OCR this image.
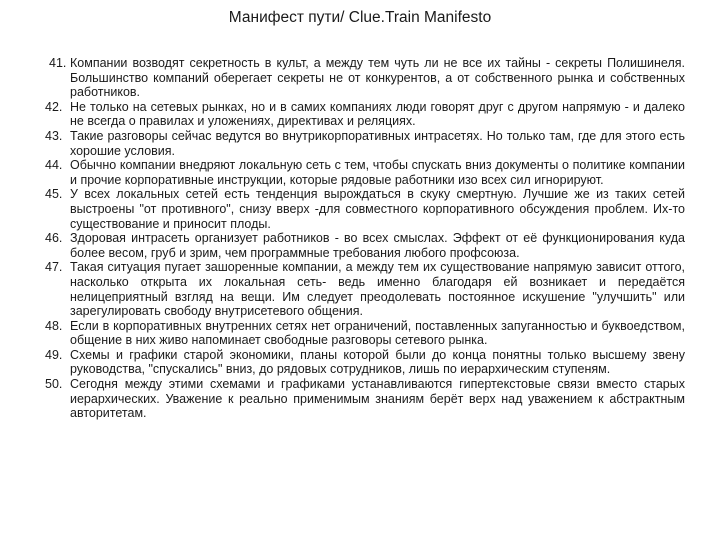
Манифест пути/ Clue.Train Manifesto
41. Компании возводят секретность в культ, а между тем чуть ли не все их тайны - секреты Полишинеля. Большинство компаний оберегает секреты не от конкурентов, а от собственного рынка и собственных работников.
42. Не только на сетевых рынках, но и в самих компаниях люди говорят друг с другом напрямую - и далеко не всегда о правилах и уложениях, директивах и реляциях.
43. Такие разговоры сейчас ведутся во внутрикорпоративных интрасетях. Но только там, где для этого есть хорошие условия.
44. Обычно компании внедряют локальную сеть с тем, чтобы спускать вниз документы о политике компании и прочие корпоративные инструкции, которые рядовые работники изо всех сил игнорируют.
45. У всех локальных сетей есть тенденция вырождаться в скуку смертную. Лучшие же из таких сетей выстроены "от противного", снизу вверх -для совместного корпоративного обсуждения проблем. Их-то существование и приносит плоды.
46. Здоровая интрасеть организует работников - во всех смыслах. Эффект от её функционирования куда более весом, груб и зрим, чем программные требования любого профсоюза.
47. Такая ситуация пугает зашоренные компании, а между тем их существование напрямую зависит оттого, насколько открыта их локальная сеть- ведь именно благодаря ей возникает и передаётся нелицеприятный взгляд на вещи. Им следует преодолевать постоянное искушение "улучшить" или зарегулировать свободу внутрисетевого общения.
48. Если в корпоративных внутренних сетях нет ограничений, поставленных запуганностью и буквоедством, общение в них живо напоминает свободные разговоры сетевого рынка.
49. Схемы и графики старой экономики, планы которой были до конца понятны только высшему звену руководства, "спускались" вниз, до рядовых сотрудников, лишь по иерархическим ступеням.
50. Сегодня между этими схемами и графиками устанавливаются гипертекстовые связи вместо старых иерархических. Уважение к реально применимым знаниям берёт верх над уважением к абстрактным авторитетам.
